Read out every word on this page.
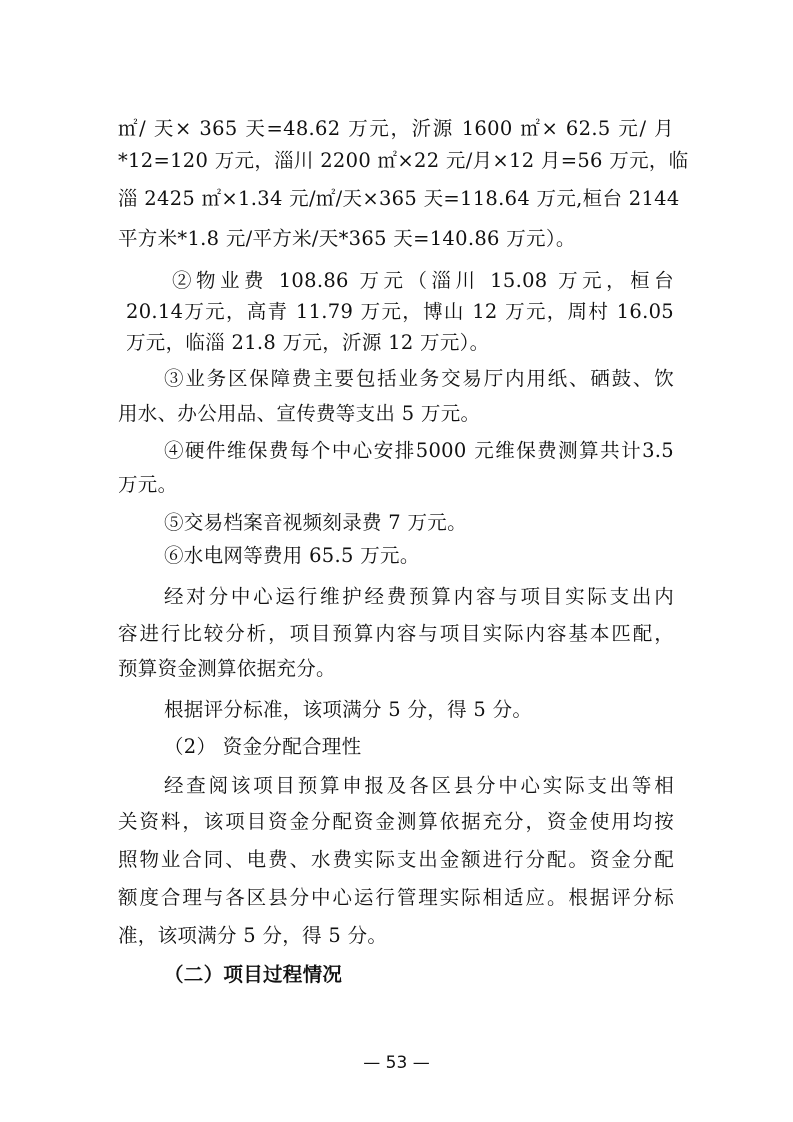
㎡/ 天× 365 天=48.62 万元，沂源 1600 ㎡× 62.5 元/ 月
*12=120 万元，淄川 2200 ㎡×22 元/月×12 月=56 万元，临
淄 2425 ㎡×1.34 元/㎡/天×365 天=118.64 万元,桓台 2144
平方米*1.8 元/平方米/天*365 天=140.86 万元）。
②物业费 108.86 万元（淄川 15.08 万元，桓台
20.14万元，高青 11.79 万元，博山 12 万元，周村 16.05
万元，临淄 21.8 万元，沂源 12 万元）。
③业务区保障费主要包括业务交易厅内用纸、硒鼓、饮
用水、办公用品、宣传费等支出 5 万元。
④硬件维保费每个中心安排5000 元维保费测算共计3.5
万元。
⑤交易档案音视频刻录费 7 万元。
⑥水电网等费用 65.5 万元。
经对分中心运行维护经费预算内容与项目实际支出内
容进行比较分析，项目预算内容与项目实际内容基本匹配，
预算资金测算依据充分。
根据评分标准，该项满分 5 分，得 5 分。
（2） 资金分配合理性
经查阅该项目预算申报及各区县分中心实际支出等相
关资料，该项目资金分配资金测算依据充分，资金使用均按
照物业合同、电费、水费实际支出金额进行分配。资金分配
额度合理与各区县分中心运行管理实际相适应。根据评分标
准，该项满分 5 分，得 5 分。
（二）项目过程情况
— 53 —
